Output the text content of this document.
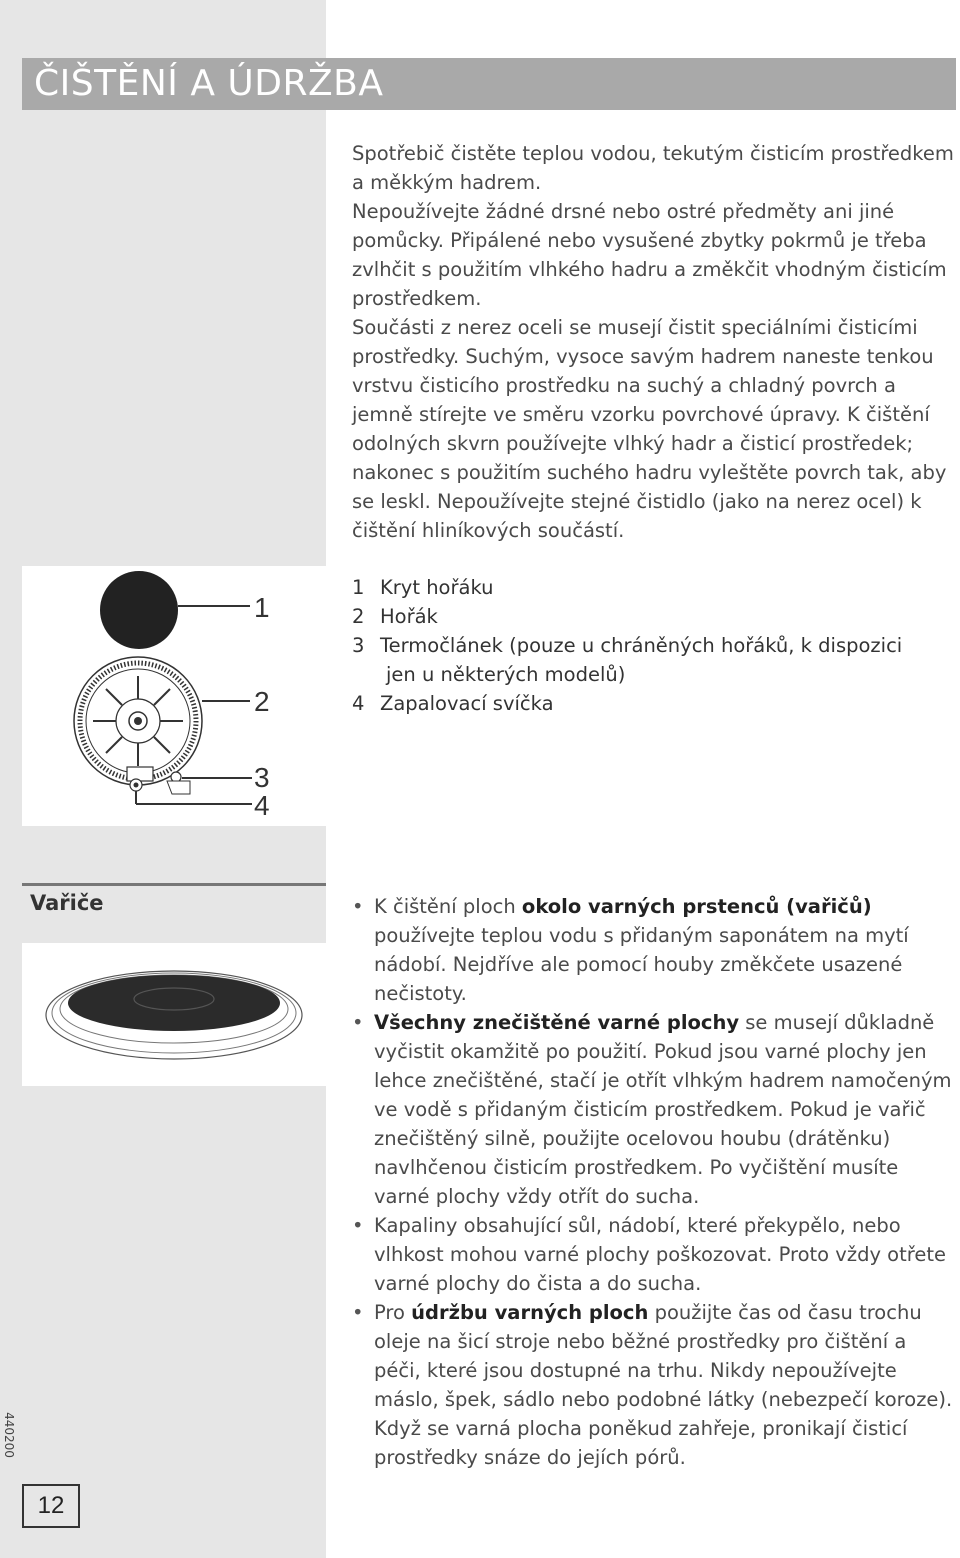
ČIŠTĚNÍ A ÚDRŽBA

Spotřebič čistěte teplou vodou, tekutým čisticím prostředkem a měkkým hadrem.

Nepoužívejte žádné drsné nebo ostré předměty ani jiné pomůcky. Připálené nebo vysušené zbytky pokrmů je třeba zvlhčit s použitím vlhkého hadru a změkčit vhodným čisticím prostředkem.

Součásti z nerez oceli se musejí čistit speciálními čisticími prostředky. Suchým, vysoce savým hadrem naneste tenkou vrstvu čisticího prostředku na suchý a chladný povrch a jemně stírejte ve směru vzorku povrchové úpravy. K čištění odolných skvrn používejte vlhký hadr a čisticí prostředek; nakonec s použitím suchého hadru vyleštěte povrch tak, aby se leskl. Nepoužívejte stejné čistidlo (jako na nerez ocel) k čištění hliníkových součástí.

1
2
3
4
1 Kryt hořáku
2 Hořák
3 Termočlánek (pouze u chráněných hořáků, k dispozici
jen u některých modelů)
4 Zapalovací svíčka
Vařiče
•	K čištění ploch okolo varných prstenců (vařičů) používejte teplou vodu s přidaným saponátem na mytí nádobí. Nejdříve ale pomocí houby změkčete usazené nečistoty.
• Všechny znečištěné varné plochy se musejí důkladně vyčistit okamžitě po použití. Pokud jsou varné plochy jen lehce znečištěné, stačí je otřít vlhkým hadrem namočeným ve vodě s přidaným čisticím prostředkem. Pokud je vařič znečištěný silně, použijte ocelovou houbu (drátěnku) navlhčenou čisticím prostředkem. Po vyčištění musíte varné plochy vždy otřít do sucha.
• Kapaliny obsahující sůl, nádobí, které překypělo, nebo vlhkost mohou varné plochy poškozovat. Proto vždy otřete varné plochy do čista a do sucha.
• Pro údržbu varných ploch použijte čas od času trochu oleje na šicí stroje nebo běžné prostředky pro čištění a péči, které jsou dostupné na trhu. Nikdy nepoužívejte máslo, špek, sádlo nebo podobné látky (nebezpečí koroze). Když se varná plocha poněkud zahřeje, pronikají čisticí prostředky snáze do jejích pórů.
440200
12
